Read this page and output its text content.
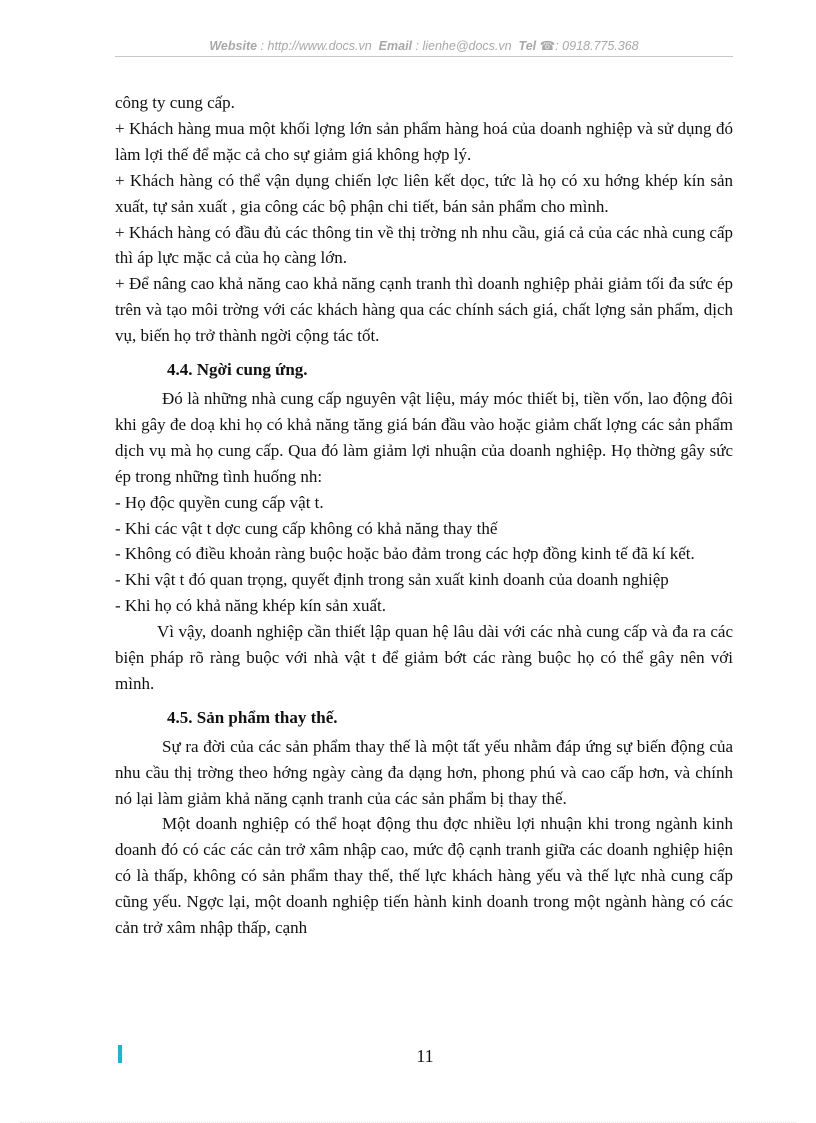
Website : http://www.docs.vn Email : lienhe@docs.vn Tel ☎: 0918.775.368

công ty cung cấp.

+ Khách hàng mua một khối lợng lớn sản phẩm hàng hoá của doanh nghiệp và sử dụng đó làm lợi thế để mặc cả cho sự giảm giá không hợp lý.

+ Khách hàng có thể vận dụng chiến lợc liên kết dọc, tức là họ có xu hớng khép kín sản xuất, tự sản xuất , gia công các bộ phận chi tiết, bán sản phẩm cho mình.

+ Khách hàng có đầu đủ các thông tin về thị trờng nh nhu cầu, giá cả của các nhà cung cấp thì áp lực mặc cả của họ càng lớn.

+ Để nâng cao khả năng cao khả năng cạnh tranh thì doanh nghiệp phải giảm tối đa sức ép trên và tạo môi trờng với các khách hàng qua các chính sách giá, chất lợng sản phẩm, dịch vụ, biến họ trở thành ngời cộng tác tốt.

4.4. Ngời cung ứng.

Đó là những nhà cung cấp nguyên vật liệu, máy móc thiết bị, tiền vốn, lao động đôi khi gây đe doạ khi họ có khả năng tăng giá bán đầu vào hoặc giảm chất lợng các sản phẩm dịch vụ mà họ cung cấp. Qua đó làm giảm lợi nhuận của doanh nghiệp. Họ thờng gây sức ép trong những tình huống nh:

- Họ độc quyền cung cấp vật t.

- Khi các vật t dợc cung cấp không có khả năng thay thế

- Không có điều khoản ràng buộc hoặc bảo đảm trong các hợp đồng kinh tế đã kí kết.

- Khi vật t đó quan trọng, quyết định trong sản xuất kinh doanh của doanh nghiệp

- Khi họ có khả năng khép kín sản xuất.

Vì vậy, doanh nghiệp cần thiết lập quan hệ lâu dài với các nhà cung cấp và đa ra các biện pháp rõ ràng buộc với nhà vật t để giảm bớt các ràng buộc họ có thể gây nên với mình.

4.5. Sản phẩm thay thế.

Sự ra đời của các sản phẩm thay thế là một tất yếu nhằm đáp ứng sự biến động của nhu cầu thị trờng theo hớng ngày càng đa dạng hơn, phong phú và cao cấp hơn, và chính nó lại làm giảm khả năng cạnh tranh của các sản phẩm bị thay thế.

Một doanh nghiệp có thể hoạt động thu đợc nhiều lợi nhuận khi trong ngành kinh doanh đó có các các cản trở xâm nhập cao, mức độ cạnh tranh giữa các doanh nghiệp hiện có là thấp, không có sản phẩm thay thế, thế lực khách hàng yếu và thế lực nhà cung cấp cũng yếu. Ngợc lại, một doanh nghiệp tiến hành kinh doanh trong một ngành hàng có các cản trở xâm nhập thấp, cạnh

11
